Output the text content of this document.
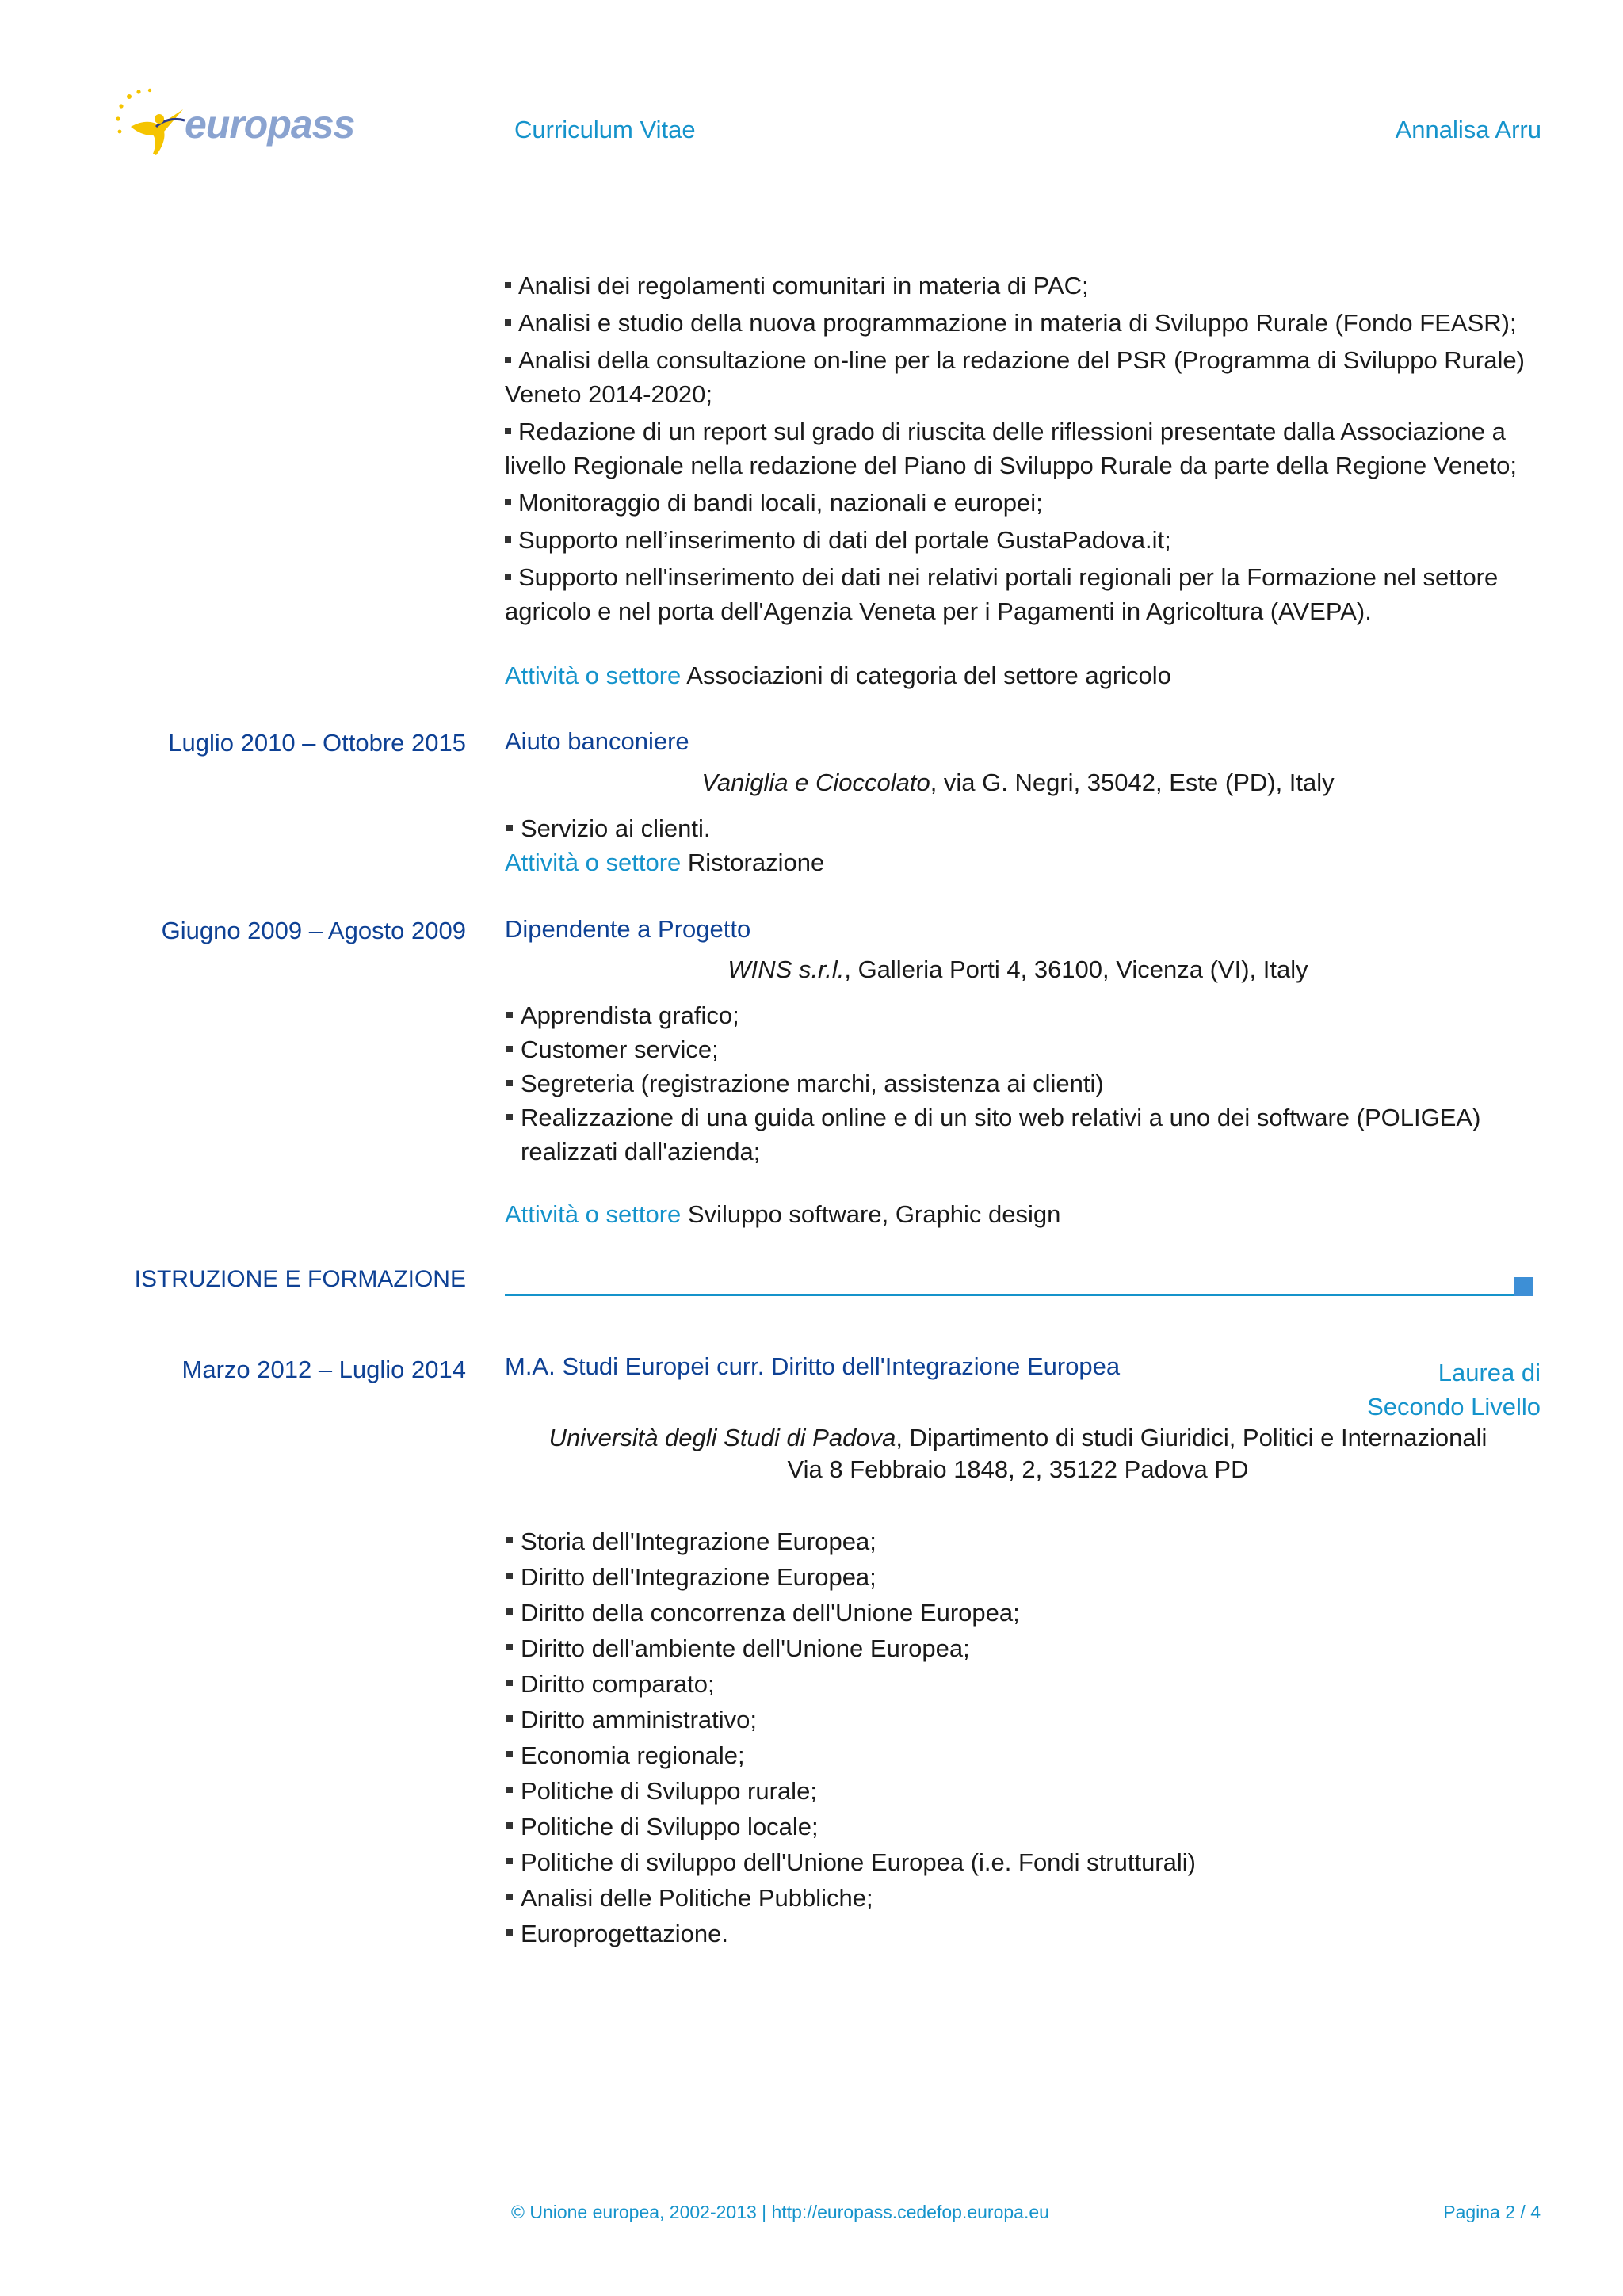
europass	Curriculum Vitae	Annalisa Arru
Analisi dei regolamenti comunitari in materia di PAC;
Analisi e studio della nuova programmazione in materia di Sviluppo Rurale (Fondo FEASR);
Analisi della consultazione on-line per la redazione del PSR (Programma di Sviluppo Rurale) Veneto 2014-2020;
Redazione di un report sul grado di riuscita delle riflessioni presentate dalla Associazione a livello Regionale nella redazione del Piano di Sviluppo Rurale da parte della Regione Veneto;
Monitoraggio di bandi locali, nazionali e europei;
Supporto nell’inserimento di dati del portale GustaPadova.it;
Supporto nell'inserimento dei dati nei relativi portali regionali per la Formazione nel settore agricolo e nel porta dell'Agenzia Veneta per i Pagamenti in Agricoltura (AVEPA).
Attività o settore Associazioni di categoria del settore agricolo
Luglio 2010 – Ottobre 2015 Aiuto banconiere
Vaniglia e Cioccolato, via G. Negri, 35042, Este (PD), Italy
Servizio ai clienti.
Attività o settore Ristorazione
Giugno 2009 – Agosto 2009 Dipendente a Progetto
WINS s.r.l., Galleria Porti 4, 36100, Vicenza (VI), Italy
Apprendista grafico;
Customer service;
Segreteria (registrazione marchi, assistenza ai clienti)
Realizzazione di una guida online e di un sito web relativi a uno dei software (POLIGEA) realizzati dall'azienda;
Attività o settore Sviluppo software, Graphic design
ISTRUZIONE E FORMAZIONE
Marzo 2012 – Luglio 2014 M.A. Studi Europei curr. Diritto dell'Integrazione Europea	Laurea di
Secondo Livello
Università degli Studi di Padova, Dipartimento di studi Giuridici, Politici e Internazionali
Via 8 Febbraio 1848, 2, 35122 Padova PD
Storia dell'Integrazione Europea;
Diritto dell'Integrazione Europea;
Diritto della concorrenza dell'Unione Europea;
Diritto dell'ambiente dell'Unione Europea;
Diritto comparato;
Diritto amministrativo;
Economia regionale;
Politiche di Sviluppo rurale;
Politiche di Sviluppo locale;
Politiche di sviluppo dell'Unione Europea (i.e. Fondi strutturali)
Analisi delle Politiche Pubbliche;
Europrogettazione.
© Unione europea, 2002-2013 | http://europass.cedefop.europa.eu	Pagina 2 / 4
